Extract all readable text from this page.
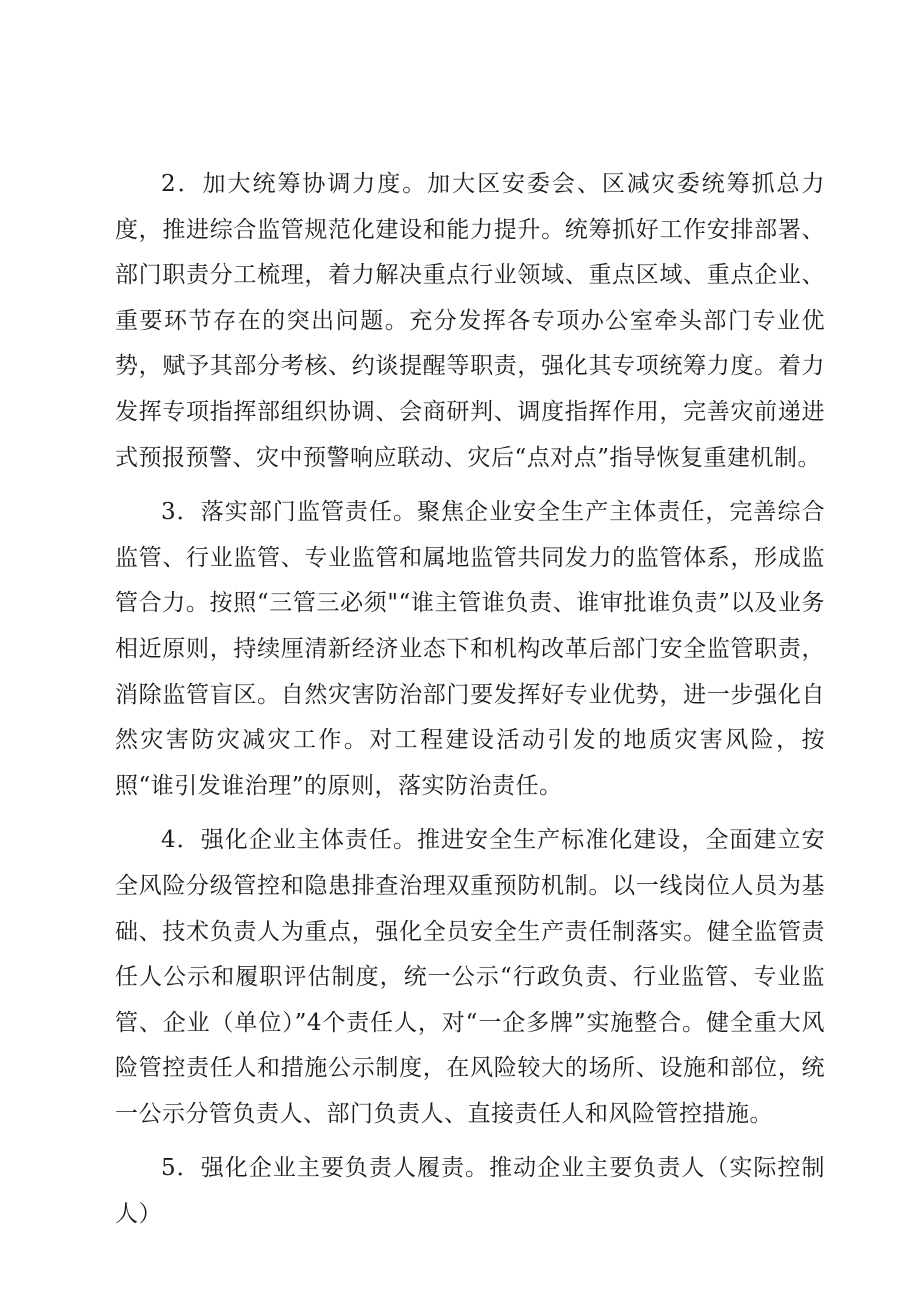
2．加大统筹协调力度。加大区安委会、区减灾委统筹抓总力度，推进综合监管规范化建设和能力提升。统筹抓好工作安排部署、部门职责分工梳理，着力解决重点行业领域、重点区域、重点企业、重要环节存在的突出问题。充分发挥各专项办公室牵头部门专业优势，赋予其部分考核、约谈提醒等职责，强化其专项统筹力度。着力发挥专项指挥部组织协调、会商研判、调度指挥作用，完善灾前递进式预报预警、灾中预警响应联动、灾后“点对点”指导恢复重建机制。

3．落实部门监管责任。聚焦企业安全生产主体责任，完善综合监管、行业监管、专业监管和属地监管共同发力的监管体系，形成监管合力。按照“三管三必须"“谁主管谁负责、谁审批谁负责”以及业务相近原则，持续厘清新经济业态下和机构改革后部门安全监管职责，消除监管盲区。自然灾害防治部门要发挥好专业优势，进一步强化自然灾害防灾减灾工作。对工程建设活动引发的地质灾害风险，按照“谁引发谁治理”的原则，落实防治责任。

4．强化企业主体责任。推进安全生产标准化建设，全面建立安全风险分级管控和隐患排查治理双重预防机制。以一线岗位人员为基础、技术负责人为重点，强化全员安全生产责任制落实。健全监管责任人公示和履职评估制度，统一公示“行政负责、行业监管、专业监管、企业（单位）”4个责任人，对“一企多牌”实施整合。健全重大风险管控责任人和措施公示制度，在风险较大的场所、设施和部位，统一公示分管负责人、部门负责人、直接责任人和风险管控措施。

5．强化企业主要负责人履责。推动企业主要负责人（实际控制人）
